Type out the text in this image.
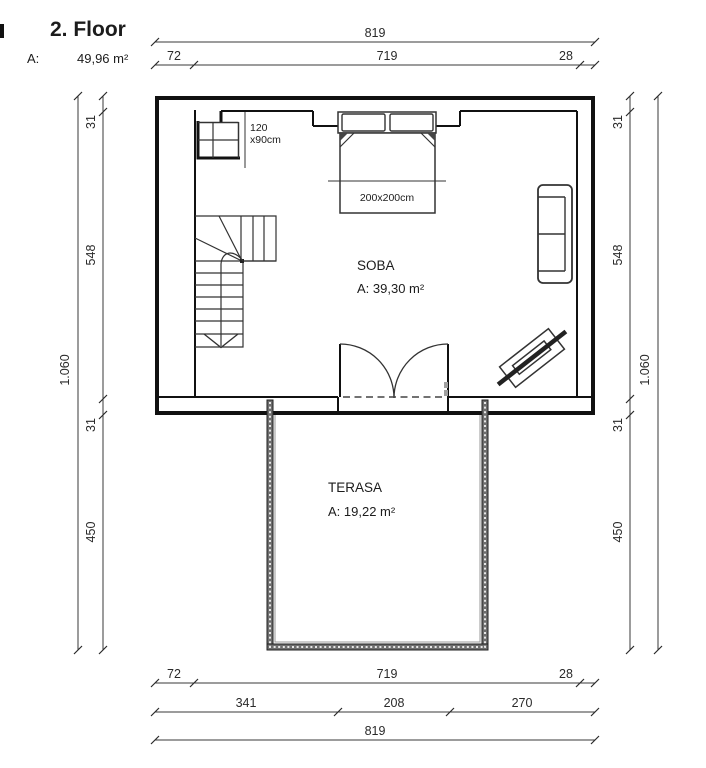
2. Floor
A:	49,96 m²
120
x90cm
200x200cm
SOBA
A: 39,30 m²
TERASA
A: 19,22 m²
819
72	719	28
72	719	28
341	208	270
819
1.060
31
548
31
450
31
548
31
450
1.060
